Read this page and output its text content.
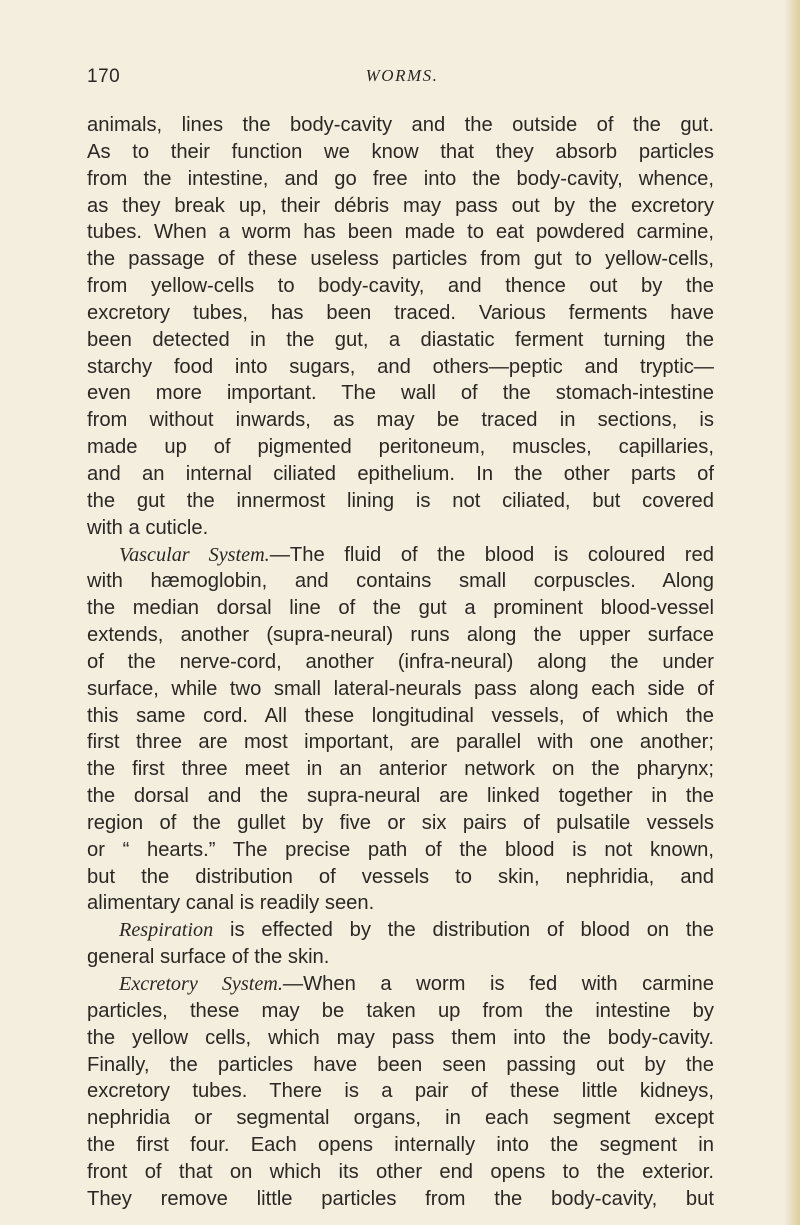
170	WORMS.
animals, lines the body-cavity and the outside of the gut.
As to their function we know that they absorb particles
from the intestine, and go free into the body-cavity, whence,
as they break up, their débris may pass out by the excretory
tubes. When a worm has been made to eat powdered carmine,
the passage of these useless particles from gut to yellow-cells,
from yellow-cells to body-cavity, and thence out by the
excretory tubes, has been traced. Various ferments have
been detected in the gut, a diastatic ferment turning the
starchy food into sugars, and others—peptic and tryptic—
even more important. The wall of the stomach-intestine
from without inwards, as may be traced in sections, is
made up of pigmented peritoneum, muscles, capillaries,
and an internal ciliated epithelium. In the other parts of
the gut the innermost lining is not ciliated, but covered
with a cuticle.
Vascular System.—The fluid of the blood is coloured red
with hæmoglobin, and contains small corpuscles. Along
the median dorsal line of the gut a prominent blood-vessel
extends, another (supra-neural) runs along the upper surface
of the nerve-cord, another (infra-neural) along the under
surface, while two small lateral-neurals pass along each side of
this same cord. All these longitudinal vessels, of which the
first three are most important, are parallel with one another;
the first three meet in an anterior network on the pharynx;
the dorsal and the supra-neural are linked together in the
region of the gullet by five or six pairs of pulsatile vessels
or “ hearts.” The precise path of the blood is not known,
but the distribution of vessels to skin, nephridia, and
alimentary canal is readily seen.
Respiration is effected by the distribution of blood on the
general surface of the skin.
Excretory System.—When a worm is fed with carmine
particles, these may be taken up from the intestine by
the yellow cells, which may pass them into the body-cavity.
Finally, the particles have been seen passing out by the
excretory tubes. There is a pair of these little kidneys,
nephridia or segmental organs, in each segment except
the first four. Each opens internally into the segment in
front of that on which its other end opens to the exterior.
They remove little particles from the body-cavity, but
